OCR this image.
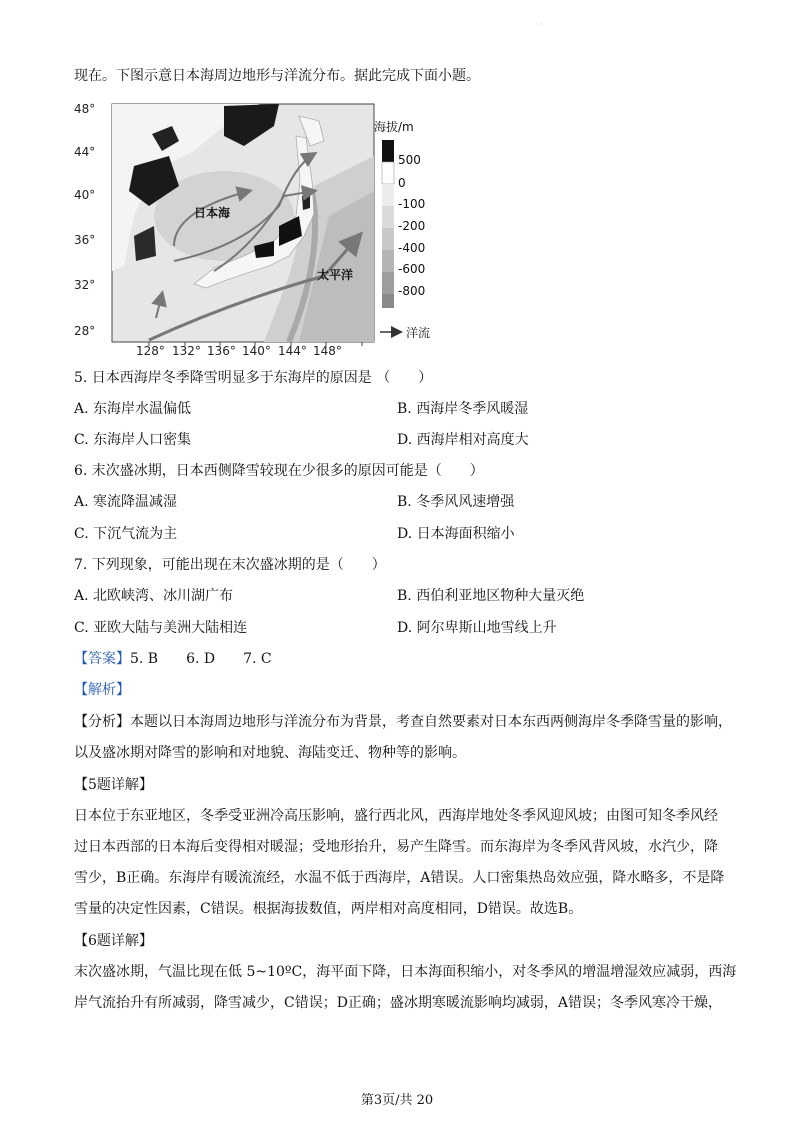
·
现在。下图示意日本海周边地形与洋流分布。据此完成下面小题。
48°
44°
40°
36°
32°
28°
日本海
太平洋
海拔/m
500
0
-100
-200
-400
-600
-800
洋流
128° 132° 136° 140° 144° 148°
5. 日本西海岸冬季降雪明显多于东海岸的原因是 （　　）
A. 东海岸水温偏低	B. 西海岸冬季风暖湿
C. 东海岸人口密集	D. 西海岸相对高度大
6. 末次盛冰期，日本西侧降雪较现在少很多的原因可能是（　　）
A. 寒流降温减湿	B. 冬季风风速增强
C. 下沉气流为主	D. 日本海面积缩小
7. 下列现象，可能出现在末次盛冰期的是（　　）
A. 北欧峡湾、冰川湖广布	B. 西伯利亚地区物种大量灭绝
C. 亚欧大陆与美洲大陆相连	D. 阿尔卑斯山地雪线上升
【答案】5. B　　6. D　　7. C
【解析】
【分析】本题以日本海周边地形与洋流分布为背景，考查自然要素对日本东西两侧海岸冬季降雪量的影响，
以及盛冰期对降雪的影响和对地貌、海陆变迁、物种等的影响。
【5题详解】
日本位于东亚地区，冬季受亚洲冷高压影响，盛行西北风，西海岸地处冬季风迎风坡；由图可知冬季风经
过日本西部的日本海后变得相对暖湿；受地形抬升，易产生降雪。而东海岸为冬季风背风坡，水汽少，降
雪少，B正确。东海岸有暖流流经，水温不低于西海岸，A错误。人口密集热岛效应强，降水略多，不是降
雪量的决定性因素，C错误。根据海拔数值，两岸相对高度相同，D错误。故选B。
【6题详解】
末次盛冰期，气温比现在低 5~10ºC，海平面下降，日本海面积缩小，对冬季风的增温增湿效应减弱，西海
岸气流抬升有所减弱，降雪减少，C错误；D正确；盛冰期寒暖流影响均减弱，A错误；冬季风寒冷干燥，
第3页/共 20
